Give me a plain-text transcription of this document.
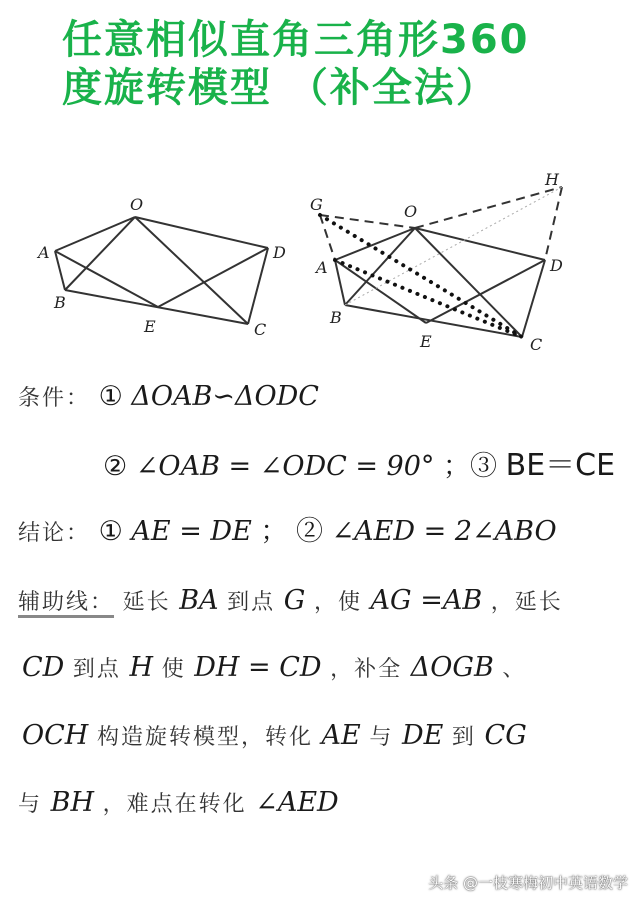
任意相似直角三角形360
度旋转模型 （补全法）
O
A
B
E	C
D
G
H
O
A
B
E	C
D
条件： ① ΔOAB∽ΔODC
② ∠OAB = ∠ODC = 90° ；③ BE＝CE
结论： ① AE = DE ； ② ∠AED = 2∠ABO
辅助线： 延长 BA 到点 G ，使 AG =AB ，延长
CD 到点 H 使 DH = CD ，补全 ΔOGB 、
OCH 构造旋转模型，转化 AE 与 DE 到 CG
与 BH ，难点在转化 ∠AED
头条 @一枝寒梅初中英语数学
